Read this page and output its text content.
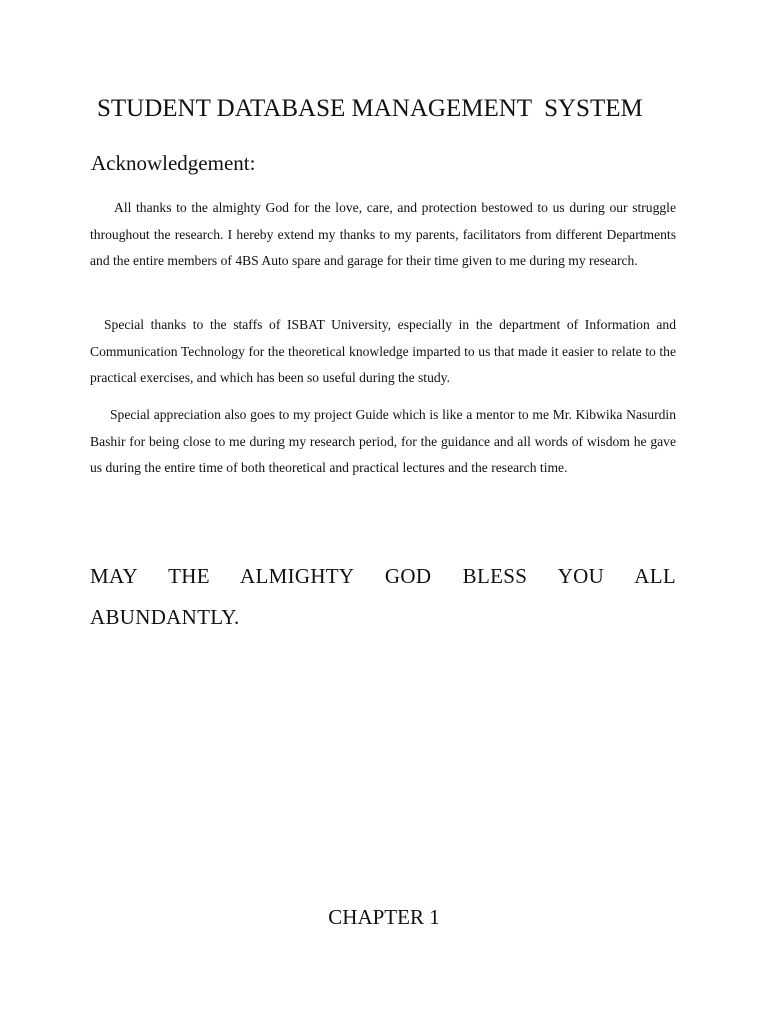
STUDENT DATABASE MANAGEMENT  SYSTEM
Acknowledgement:

All thanks to the almighty God for the love, care, and protection bestowed to us during our struggle throughout the research. I hereby extend my thanks to my parents, facilitators from different Departments and the entire members of 4BS Auto spare and garage for their time given to me during my research.

Special thanks to the staffs of ISBAT University, especially in the department of Information and Communication Technology for the theoretical knowledge imparted to us that made it easier to relate to the practical exercises, and which has been so useful during the study.

Special appreciation also goes to my project Guide which is like a mentor to me Mr. Kibwika Nasurdin Bashir for being close to me during my research period, for the guidance and all words of wisdom he gave us during the entire time of both theoretical and practical lectures and the research time.

MAY THE ALMIGHTY GOD BLESS YOU ALL
ABUNDANTLY.
CHAPTER 1
